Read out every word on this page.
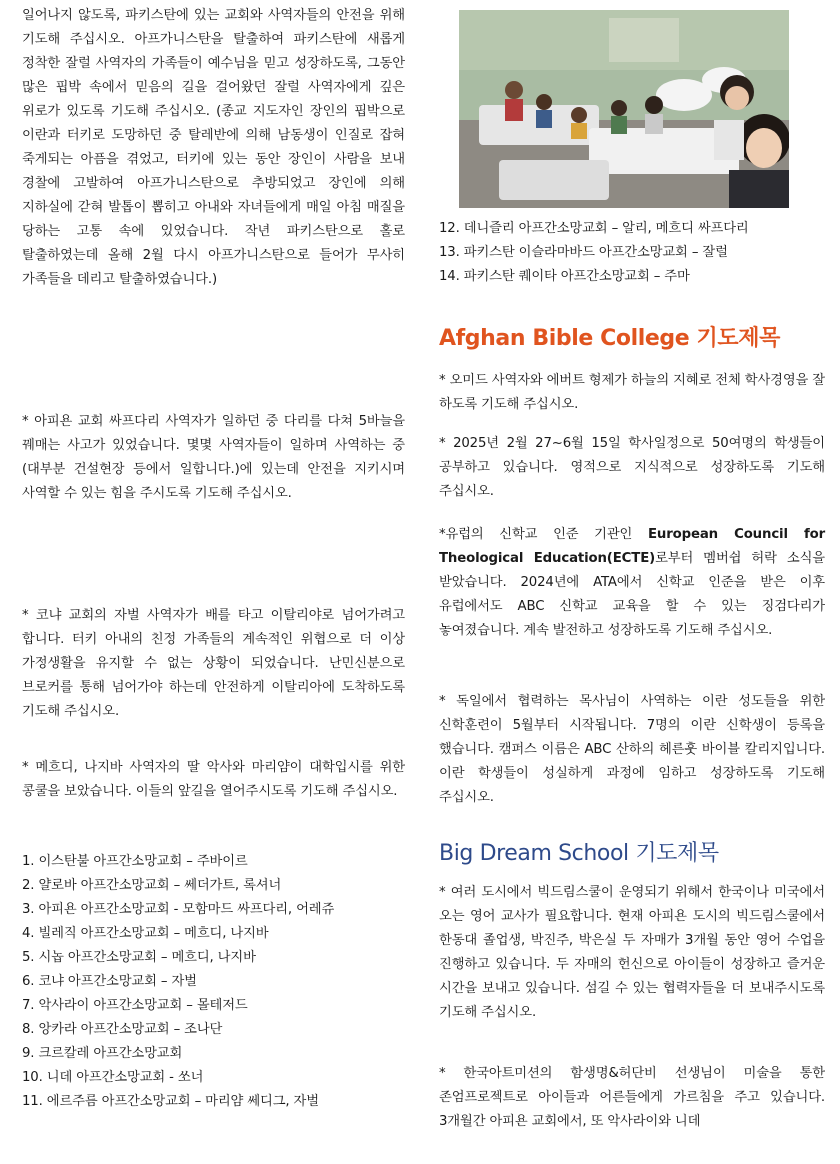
일어나지 않도록, 파키스탄에 있는 교회와 사역자들의 안전을 위해 기도해 주십시오. 아프가니스탄을 탈출하여 파키스탄에 새롭게 정착한 잘럴 사역자의 가족들이 예수님을 믿고 성장하도록, 그동안 많은 핍박 속에서 믿음의 길을 걸어왔던 잘럴 사역자에게 깊은 위로가 있도록 기도해 주십시오. (종교 지도자인 장인의 핍박으로 이란과 터키로 도망하던 중 탈레반에 의해 남동생이 인질로 잡혀 죽게되는 아픔을 겪었고, 터키에 있는 동안 장인이 사람을 보내 경찰에 고발하여 아프가니스탄으로 추방되었고 장인에 의해 지하실에 갇혀 발톱이 뽑히고 아내와 자녀들에게 매일 아침 매질을 당하는 고통 속에 있었습니다. 작년 파키스탄으로 홀로 탈출하였는데 올해 2월 다시 아프가니스탄으로 들어가 무사히 가족들을 데리고 탈출하였습니다.)

* 아피욘 교회 싸프다리 사역자가 일하던 중 다리를 다쳐 5바늘을 꿰매는 사고가 있었습니다. 몇몇 사역자들이 일하며 사역하는 중(대부분 건설현장 등에서 일합니다.)에 있는데 안전을 지키시며 사역할 수 있는 힘을 주시도록 기도해 주십시오.

* 코냐 교회의 자벌 사역자가 배를 타고 이탈리야로 넘어가려고 합니다. 터키 아내의 친정 가족들의 계속적인 위협으로 더 이상 가정생활을 유지할 수 없는 상황이 되었습니다. 난민신분으로 브로커를 통해 넘어가야 하는데 안전하게 이탈리아에 도착하도록 기도해 주십시오.

* 메흐디, 나지바 사역자의 딸 악사와 마리얌이 대학입시를 위한 콩쿨을 보았습니다. 이들의 앞길을 열어주시도록 기도해 주십시오.

1. 이스탄불 아프간소망교회 – 주바이르
2. 얄로바 아프간소망교회 – 쎄더가트, 록셔너
3. 아피욘 아프간소망교회 - 모함마드 싸프다리, 어레쥬
4. 빌레직 아프간소망교회 – 메흐디, 나지바
5. 시놉 아프간소망교회 – 메흐디, 나지바
6. 코냐 아프간소망교회 – 자벌
7. 악사라이 아프간소망교회 – 몰테저드
8. 앙카라 아프간소망교회 – 조나단
9. 크르칼레 아프간소망교회
10. 니데 아프간소망교회 - 쏘너
11. 에르주름 아프간소망교회 – 마리얌 쎄디그, 자벌
12. 데니즐리 아프간소망교회 – 알리, 메흐디 싸프다리
13. 파키스탄 이슬라마바드 아프간소망교회 – 잘럴
14. 파키스탄 퀘이타 아프간소망교회 – 주마
Afghan Bible College 기도제목

* 오미드 사역자와 에버트 형제가 하늘의 지혜로 전체 학사경영을 잘 하도록 기도해 주십시오.

* 2025년 2월 27~6월 15일 학사일정으로 50여명의 학생들이 공부하고 있습니다. 영적으로 지식적으로 성장하도록 기도해 주십시오.

*유럽의 신학교 인준 기관인 European Council for Theological Education(ECTE)로부터 멤버쉽 허락 소식을 받았습니다. 2024년에 ATA에서 신학교 인준을 받은 이후 유럽에서도 ABC 신학교 교육을 할 수 있는 징검다리가 놓여졌습니다. 계속 발전하고 성장하도록 기도해 주십시오.

* 독일에서 협력하는 목사님이 사역하는 이란 성도들을 위한 신학훈련이 5월부터 시작됩니다. 7명의 이란 신학생이 등록을 했습니다. 캠퍼스 이름은 ABC 산하의 헤른훗 바이블 칼리지입니다. 이란 학생들이 성실하게 과정에 임하고 성장하도록 기도해 주십시오.

Big Dream School 기도제목

* 여러 도시에서 빅드림스쿨이 운영되기 위해서 한국이나 미국에서 오는 영어 교사가 필요합니다. 현재 아피욘 도시의 빅드림스쿨에서 한동대 졸업생, 박진주, 박은실 두 자매가 3개월 동안 영어 수업을 진행하고 있습니다. 두 자매의 헌신으로 아이들이 성장하고 즐거운 시간을 보내고 있습니다. 섬길 수 있는 협력자들을 더 보내주시도록 기도해 주십시오.

* 한국아트미션의 함생명&허단비 선생님이 미술을 통한 존엄프로젝트로 아이들과 어른들에게 가르침을 주고 있습니다. 3개월간 아피욘 교회에서, 또 악사라이와 니데
